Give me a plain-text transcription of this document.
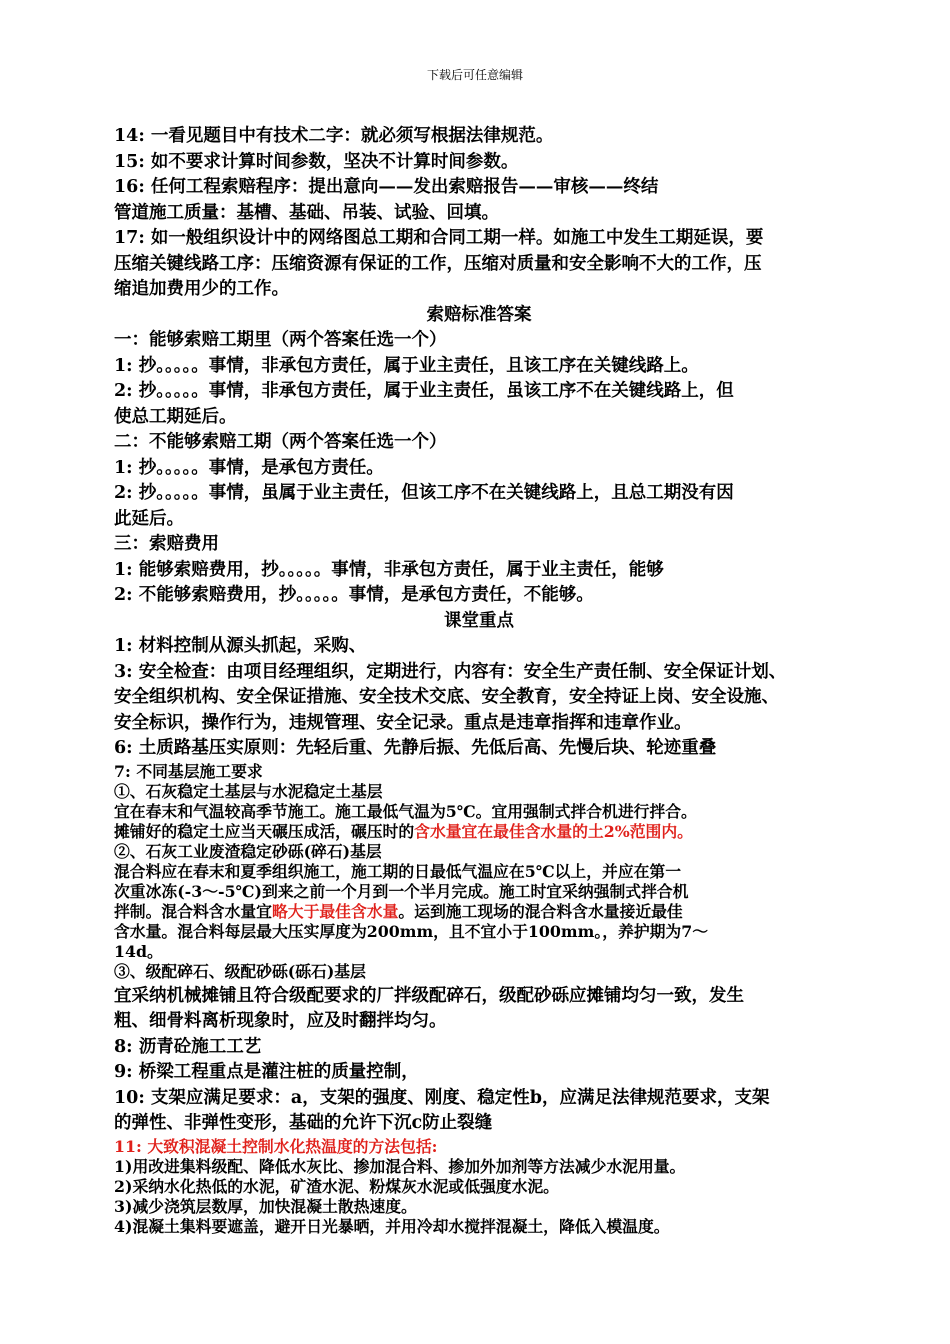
下载后可任意编辑
14: 一看见题目中有技术二字：就必须写根据法律规范。
15: 如不要求计算时间参数，坚决不计算时间参数。
16: 任何工程索赔程序：提出意向——发出索赔报告——审核——终结
管道施工质量：基槽、基础、吊装、试验、回填。
17: 如一般组织设计中的网络图总工期和合同工期一样。如施工中发生工期延误，要
压缩关键线路工序：压缩资源有保证的工作，压缩对质量和安全影响不大的工作，压
缩追加费用少的工作。
索赔标准答案
一：能够索赔工期里（两个答案任选一个）
1: 抄。。。。。事情，非承包方责任，属于业主责任，且该工序在关键线路上。
2: 抄。。。。。事情，非承包方责任，属于业主责任，虽该工序不在关键线路上，但
使总工期延后。
二：不能够索赔工期（两个答案任选一个）
1: 抄。。。。。事情，是承包方责任。
2: 抄。。。。。事情，虽属于业主责任，但该工序不在关键线路上，且总工期没有因
此延后。
三：索赔费用
1: 能够索赔费用，抄。。。。。事情，非承包方责任，属于业主责任，能够
2: 不能够索赔费用，抄。。。。。事情，是承包方责任，不能够。
课堂重点
1: 材料控制从源头抓起，采购、
3: 安全检查：由项目经理组织，定期进行，内容有：安全生产责任制、安全保证计划、
安全组织机构、安全保证措施、安全技术交底、安全教育，安全持证上岗、安全设施、
安全标识，操作行为，违规管理、安全记录。重点是违章指挥和违章作业。
6: 土质路基压实原则：先轻后重、先静后振、先低后高、先慢后块、轮迹重叠
7: 不同基层施工要求
①、石灰稳定土基层与水泥稳定土基层
宜在春末和气温较高季节施工。施工最低气温为5℃。宜用强制式拌合机进行拌合。
摊铺好的稳定土应当天碾压成活，碾压时的含水量宜在最佳含水量的土2%范围内。
②、石灰工业废渣稳定砂砾(碎石)基层
混合料应在春末和夏季组织施工，施工期的日最低气温应在5℃以上，并应在第一
次重冰冻(-3～-5℃)到来之前一个月到一个半月完成。施工时宜采纳强制式拌合机
拌制。混合料含水量宜略大于最佳含水量。运到施工现场的混合料含水量接近最佳
含水量。混合料每层最大压实厚度为200mm，且不宜小于100mm。，养护期为7～
14d。
③、级配碎石、级配砂砾(砾石)基层
宜采纳机械摊铺且符合级配要求的厂拌级配碎石，级配砂砾应摊铺均匀一致，发生
粗、细骨料离析现象时，应及时翻拌均匀。
8: 沥青砼施工工艺
9: 桥梁工程重点是灌注桩的质量控制，
10: 支架应满足要求：a，支架的强度、刚度、稳定性b，应满足法律规范要求，支架
的弹性、非弹性变形，基础的允许下沉c防止裂缝
11: 大致积混凝土控制水化热温度的方法包括:
1)用改进集料级配、降低水灰比、掺加混合料、掺加外加剂等方法减少水泥用量。
2)采纳水化热低的水泥，矿渣水泥、粉煤灰水泥或低强度水泥。
3)减少浇筑层数厚，加快混凝土散热速度。
4)混凝土集料要遮盖，避开日光暴晒，并用冷却水搅拌混凝土，降低入模温度。
